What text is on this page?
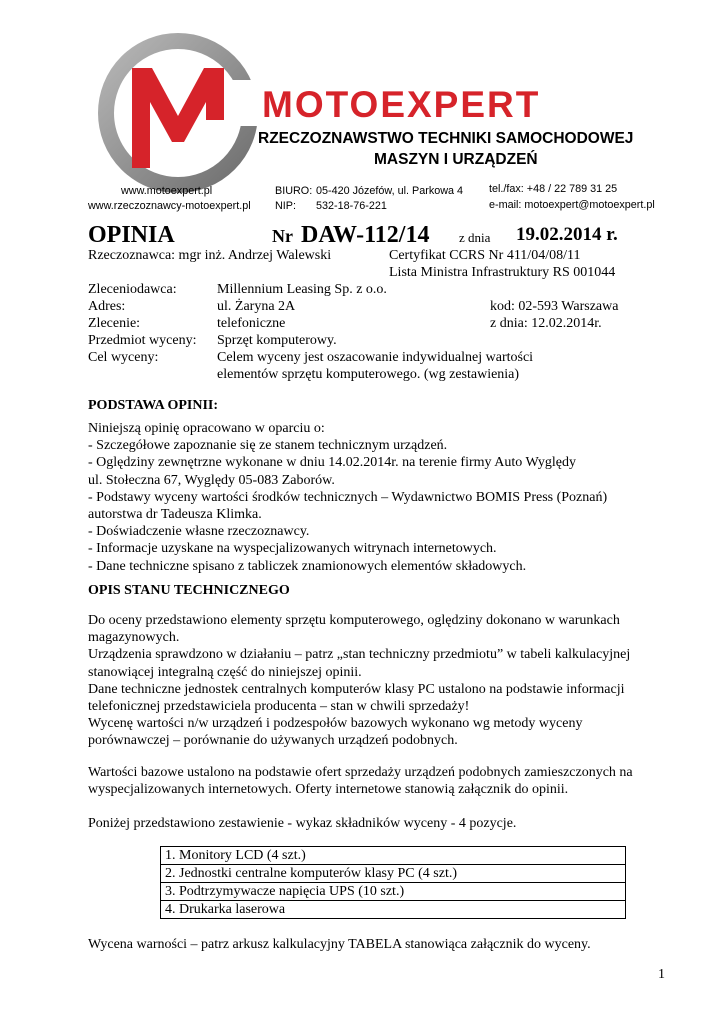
MOTOEXPERT
RZECZOZNAWSTWO TECHNIKI SAMOCHODOWEJ
MASZYN I URZĄDZEŃ
www.motoexpert.pl
www.rzeczoznawcy-motoexpert.pl
BIURO: 05-420 Józefów, ul. Parkowa 4
NIP: 532-18-76-221
tel./fax: +48 / 22 789 31 25
e-mail: motoexpert@motoexpert.pl
OPINIA	Nr DAW-112/14 z dnia 19.02.2014 r.
Rzeczoznawca: mgr inż. Andrzej Walewski	Certyfikat CCRS Nr 411/04/08/11
Lista Ministra Infrastruktury RS 001044
Zleceniodawca:	Millennium Leasing Sp. z o.o.
Adres:	ul. Żaryna 2A	kod: 02-593 Warszawa
Zlecenie:	telefoniczne	z dnia: 12.02.2014r.
Przedmiot wyceny: Sprzęt komputerowy.
Cel wyceny:	Celem wyceny jest oszacowanie indywidualnej wartości
elementów sprzętu komputerowego. (wg zestawienia)
PODSTAWA OPINII:
Niniejszą opinię opracowano w oparciu o:
- Szczegółowe zapoznanie się ze stanem technicznym urządzeń.
- Oględziny zewnętrzne wykonane w dniu 14.02.2014r. na terenie firmy Auto Wyględy
ul. Stołeczna 67, Wyględy 05-083 Zaborów.
- Podstawy wyceny wartości środków technicznych – Wydawnictwo BOMIS Press (Poznań)
autorstwa dr Tadeusza Klimka.
- Doświadczenie własne rzeczoznawcy.
- Informacje uzyskane na wyspecjalizowanych witrynach internetowych.
- Dane techniczne spisano z tabliczek znamionowych elementów składowych.
OPIS STANU TECHNICZNEGO
Do oceny przedstawiono elementy sprzętu komputerowego, oględziny dokonano w warunkach
magazynowych.
Urządzenia sprawdzono w działaniu – patrz „stan techniczny przedmiotu” w tabeli kalkulacyjnej
stanowiącej integralną część do niniejszej opinii.
Dane techniczne jednostek centralnych komputerów klasy PC ustalono na podstawie informacji
telefonicznej przedstawiciela producenta – stan w chwili sprzedaży!
Wycenę wartości n/w urządzeń i podzespołów bazowych wykonano wg metody wyceny
porównawczej – porównanie do używanych urządzeń podobnych.
Wartości bazowe ustalono na podstawie ofert sprzedaży urządzeń podobnych zamieszczonych na
wyspecjalizowanych internetowych. Oferty internetowe stanowią załącznik do opinii.
Poniżej przedstawiono zestawienie - wykaz składników wyceny - 4 pozycje.
1. Monitory LCD (4 szt.)
2. Jednostki centralne komputerów klasy PC (4 szt.)
3. Podtrzymywacze napięcia UPS (10 szt.)
4. Drukarka laserowa
Wycena warności – patrz arkusz kalkulacyjny TABELA stanowiąca załącznik do wyceny.
1
